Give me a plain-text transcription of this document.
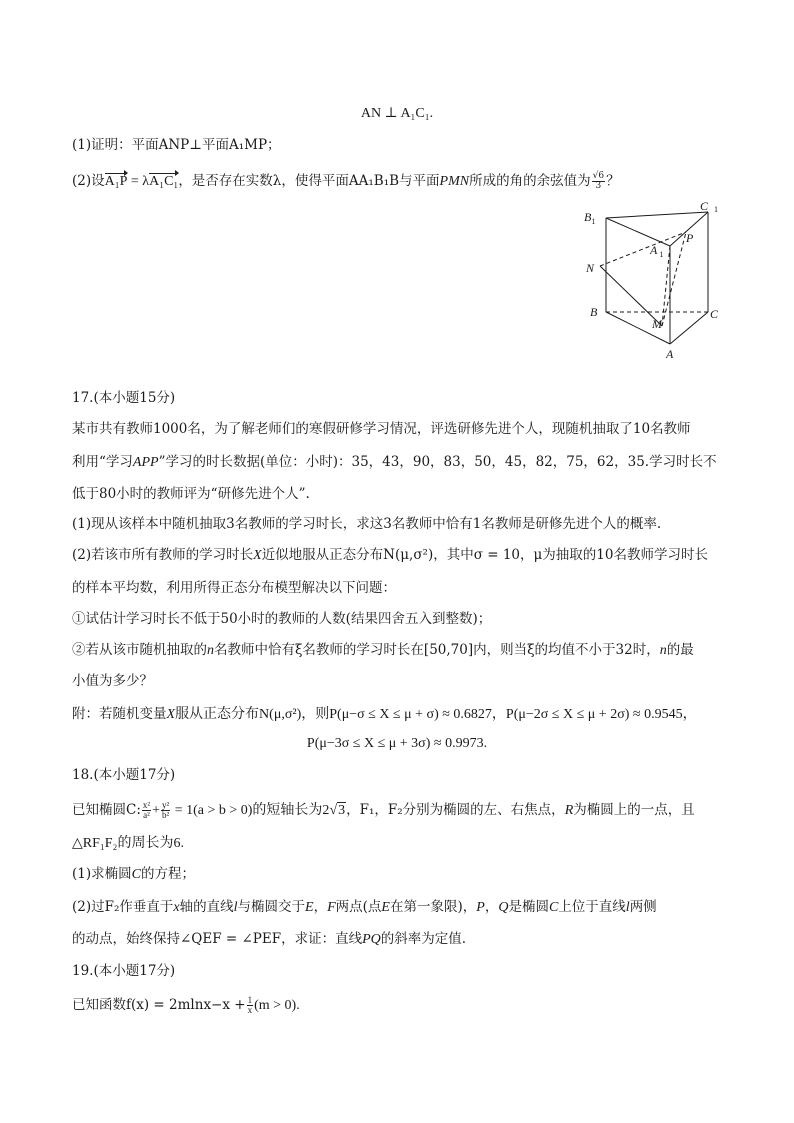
AN ⊥ A₁C₁.
(1)证明：平面ANP⊥平面A₁MP；
(2)设A₁P = λA₁C₁，是否存在实数λ，使得平面AA₁B₁B与平面PMN所成的角的余弦值为 $\frac{√6}{3}$ ？
$B_1$
C 1
A $_1$
P
N
B
M
C
A
17.(本小题15分)
某市共有教师1000名，为了解老师们的寒假研修学习情况，评选研修先进个人，现随机抽取了10名教师
利用“学习APP”学习的时长数据(单位：小时)：35，43，90，83，50，45，82，75，62，35.学习时长不
低于80小时的教师评为“研修先进个人”.
(1)现从该样本中随机抽取3名教师的学习时长，求这3名教师中恰有1名教师是研修先进个人的概率.
(2)若该市所有教师的学习时长X近似地服从正态分布N(μ,σ²)，其中σ = 10，μ为抽取的10名教师学习时长
的样本平均数，利用所得正态分布模型解决以下问题：
①试估计学习时长不低于50小时的教师的人数(结果四舍五入到整数)；
②若从该市随机抽取的n名教师中恰有ξ名教师的学习时长在[50,70]内，则当ξ的均值不小于32时，n的最
小值为多少？
附：若随机变量X服从正态分布N(μ,σ²)，则P(μ−σ ≤ X ≤ μ + σ) ≈ 0.6827，P(μ−2σ ≤ X ≤ μ + 2σ) ≈ 0.9545，
P(μ−3σ ≤ X ≤ μ + 3σ) ≈ 0.9973.
18.(本小题17分)
已知椭圆C: $\frac{\text{x²}}{\text{a²}} + \frac{\text{y²}}{\text{b²}} = 1(a > b > 0)$的短轴长为2√3，F₁，F₂分别为椭圆的左、右焦点，R为椭圆上的一点，且
△RF₁F₂的周长为6.
(1)求椭圆C的方程；
(2)过F₂作垂直于x轴的直线l与椭圆交于E，F两点(点E在第一象限)，P，Q是椭圆C上位于直线l两侧
的动点，始终保持∠QEF = ∠PEF，求证：直线PQ的斜率为定值.
19.(本小题17分)
已知函数$f(x) = 2mlnx-x + \frac{1}{x} (m > 0)$.
